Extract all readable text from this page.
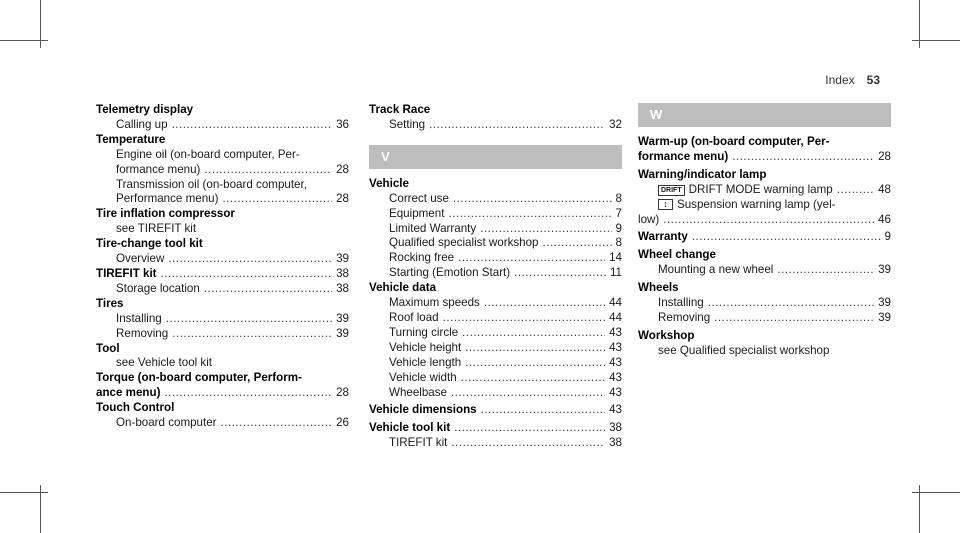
Index 53
Telemetry display
Calling up .....	36
Temperature
Engine oil (on-board computer, Per-
formance menu) .....	28
Transmission oil (on-board computer,
Performance menu) .....	28
Tire inflation compressor
see TIREFIT kit
Tire-change tool kit
Overview .....	39
TIREFIT kit .....	38
Storage location .....	38
Tires
Installing .....	39
Removing .....	39
Tool
see Vehicle tool kit
Torque (on-board computer, Perform-
ance menu) .....	28
Touch Control
On-board computer .....	26
Track Race
Setting .....	32
V
Vehicle
Correct use .....	8
Equipment .....	7
Limited Warranty .....	9
Qualified specialist workshop .....	8
Rocking free .....	14
Starting (Emotion Start) .....	11
Vehicle data
Maximum speeds .....	44
Roof load .....	44
Turning circle .....	43
Vehicle height .....	43
Vehicle length .....	43
Vehicle width .....	43
Wheelbase .....	43
Vehicle dimensions .....	43
Vehicle tool kit .....	38
TIREFIT kit .....	38
W
Warm-up (on-board computer, Per-
formance menu) .....	28
Warning/indicator lamp
DRIFT DRIFT MODE warning lamp .....	48
↕ Suspension warning lamp (yel-
low) .....	46
Warranty .....	9
Wheel change
Mounting a new wheel .....	39
Wheels
Installing .....	39
Removing .....	39
Workshop
see Qualified specialist workshop
